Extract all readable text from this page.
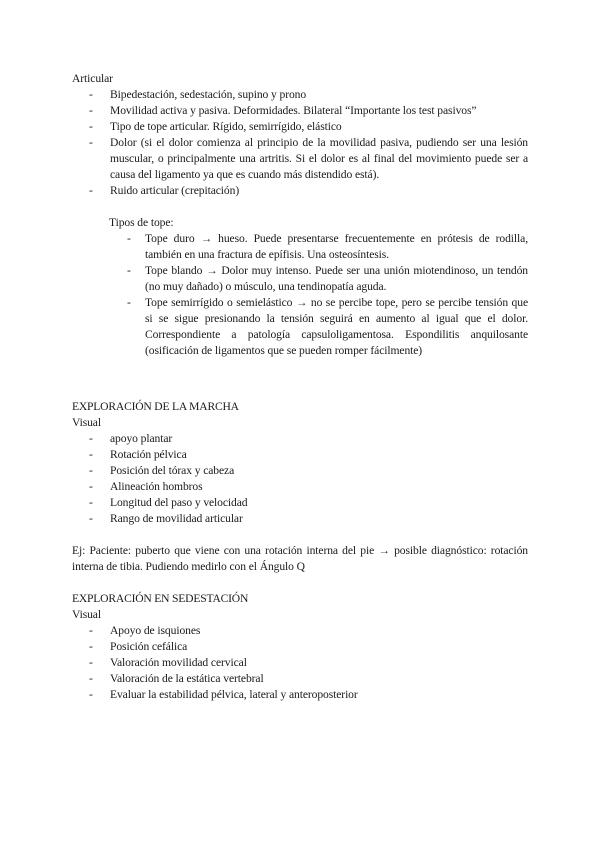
Articular

- Bipedestación, sedestación, supino y prono
- Movilidad activa y pasiva. Deformidades. Bilateral “Importante los test pasivos”
- Tipo de tope articular. Rígido, semirrígido, elástico
- Dolor (si el dolor comienza al principio de la movilidad pasiva, pudiendo ser una lesión muscular, o principalmente una artritis. Si el dolor es al final del movimiento puede ser a causa del ligamento ya que es cuando más distendido está).
- Ruido articular (crepitación)

Tipos de tope:

- Tope duro → hueso. Puede presentarse frecuentemente en prótesis de rodilla, también en una fractura de epífisis. Una osteosíntesis.
- Tope blando → Dolor muy intenso. Puede ser una unión miotendinoso, un tendón (no muy dañado) o músculo, una tendinopatía aguda.
- Tope semirrígido o semielástico → no se percibe tope, pero se percibe tensión que si se sigue presionando la tensión seguirá en aumento al igual que el dolor. Correspondiente a patología capsuloligamentosa. Espondilitis anquilosante (osificación de ligamentos que se pueden romper fácilmente)

EXPLORACIÓN DE LA MARCHA

Visual

- apoyo plantar
- Rotación pélvica
- Posición del tórax y cabeza
- Alineación hombros
- Longitud del paso y velocidad
- Rango de movilidad articular

Ej: Paciente: puberto que viene con una rotación interna del pie → posible diagnóstico: rotación interna de tibia. Pudiendo medirlo con el Ángulo Q

EXPLORACIÓN EN SEDESTACIÓN

Visual

- Apoyo de isquiones
- Posición cefálica
- Valoración movilidad cervical
- Valoración de la estática vertebral
- Evaluar la estabilidad pélvica, lateral y anteroposterior
